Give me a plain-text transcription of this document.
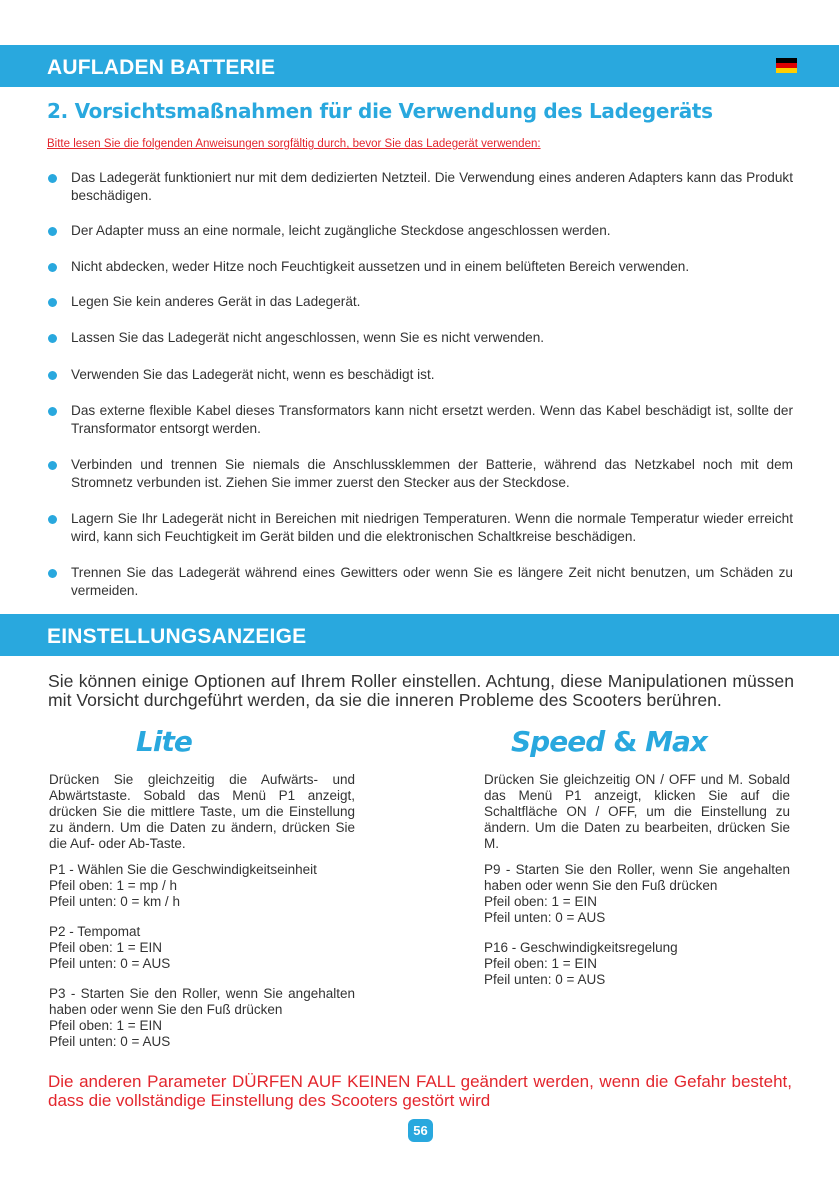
AUFLADEN BATTERIE
2. Vorsichtsmaßnahmen für die Verwendung des Ladegeräts
Bitte lesen Sie die folgenden Anweisungen sorgfältig durch, bevor Sie das Ladegerät verwenden:
Das Ladegerät funktioniert nur mit dem dedizierten Netzteil. Die Verwendung eines anderen Adapters kann das Produkt beschädigen.
Der Adapter muss an eine normale, leicht zugängliche Steckdose angeschlossen werden.
Nicht abdecken, weder Hitze noch Feuchtigkeit aussetzen und in einem belüfteten Bereich verwenden.
Legen Sie kein anderes Gerät in das Ladegerät.
Lassen Sie das Ladegerät nicht angeschlossen, wenn Sie es nicht verwenden.
Verwenden Sie das Ladegerät nicht, wenn es beschädigt ist.
Das externe flexible Kabel dieses Transformators kann nicht ersetzt werden. Wenn das Kabel beschädigt ist, sollte der Transformator entsorgt werden.
Verbinden und trennen Sie niemals die Anschlussklemmen der Batterie, während das Netzkabel noch mit dem Stromnetz verbunden ist. Ziehen Sie immer zuerst den Stecker aus der Steckdose.
Lagern Sie Ihr Ladegerät nicht in Bereichen mit niedrigen Temperaturen. Wenn die normale Temperatur wieder erreicht wird, kann sich Feuchtigkeit im Gerät bilden und die elektronischen Schaltkreise beschädigen.
Trennen Sie das Ladegerät während eines Gewitters oder wenn Sie es längere Zeit nicht benutzen, um Schäden zu vermeiden.
EINSTELLUNGSANZEIGE
Sie können einige Optionen auf Ihrem Roller einstellen. Achtung, diese Manipulationen müssen mit Vorsicht durchgeführt werden, da sie die inneren Probleme des Scooters berühren.
Lite	Speed & Max

Drücken Sie gleichzeitig die Aufwärts- und Abwärtstaste. Sobald das Menü P1 anzeigt, drücken Sie die mittlere Taste, um die Einstellung zu ändern. Um die Daten zu ändern, drücken Sie die Auf- oder Ab-Taste.

P1 - Wählen Sie die Geschwindigkeitseinheit

Pfeil oben: 1 = mp / h

Pfeil unten: 0 = km / h

P2 - Tempomat

Pfeil oben: 1 = EIN

Pfeil unten: 0 = AUS

P3 - Starten Sie den Roller, wenn Sie angehalten haben oder wenn Sie den Fuß drücken

Pfeil oben: 1 = EIN

Pfeil unten: 0 = AUS

Drücken Sie gleichzeitig ON / OFF und M. Sobald das Menü P1 anzeigt, klicken Sie auf die Schaltfläche ON / OFF, um die Einstellung zu ändern. Um die Daten zu bearbeiten, drücken Sie M.

P9 - Starten Sie den Roller, wenn Sie angehalten haben oder wenn Sie den Fuß drücken

Pfeil oben: 1 = EIN

Pfeil unten: 0 = AUS

P16 - Geschwindigkeitsregelung

Pfeil oben: 1 = EIN

Pfeil unten: 0 = AUS

Die anderen Parameter DÜRFEN AUF KEINEN FALL geändert werden, wenn die Gefahr besteht, dass die vollständige Einstellung des Scooters gestört wird
56
